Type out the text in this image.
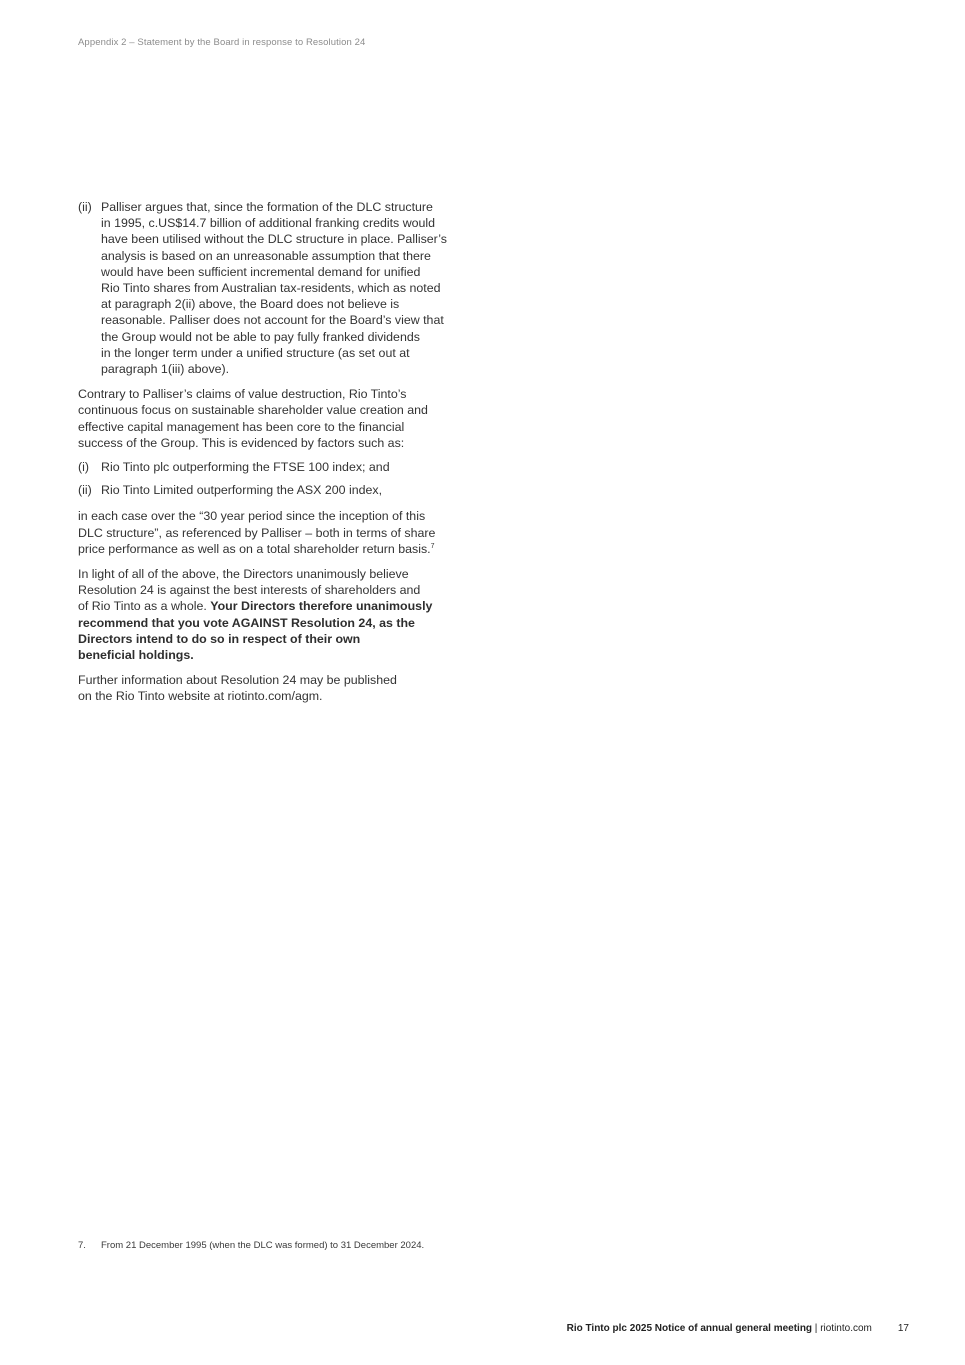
Appendix 2 – Statement by the Board in response to Resolution 24
(ii) Palliser argues that, since the formation of the DLC structure
in 1995, c.US$14.7 billion of additional franking credits would
have been utilised without the DLC structure in place. Palliser’s
analysis is based on an unreasonable assumption that there
would have been sufficient incremental demand for unified
Rio Tinto shares from Australian tax-residents, which as noted
at paragraph 2(ii) above, the Board does not believe is
reasonable. Palliser does not account for the Board’s view that
the Group would not be able to pay fully franked dividends
in the longer term under a unified structure (as set out at
paragraph 1(iii) above).

Contrary to Palliser’s claims of value destruction, Rio Tinto’s
continuous focus on sustainable shareholder value creation and
effective capital management has been core to the financial
success of the Group. This is evidenced by factors such as:

(i) Rio Tinto plc outperforming the FTSE 100 index; and
(ii) Rio Tinto Limited outperforming the ASX 200 index,

in each case over the “30 year period since the inception of this
DLC structure”, as referenced by Palliser – both in terms of share
price performance as well as on a total shareholder return basis.$^7$

In light of all of the above, the Directors unanimously believe
Resolution 24 is against the best interests of shareholders and
of Rio Tinto as a whole. Your Directors therefore unanimously
recommend that you vote AGAINST Resolution 24, as the
Directors intend to do so in respect of their own
beneficial holdings.

Further information about Resolution 24 may be published
on the Rio Tinto website at riotinto.com/agm.

7.	From 21 December 1995 (when the DLC was formed) to 31 December 2024.
Rio Tinto plc 2025 Notice of annual general meeting | riotinto.com	17
